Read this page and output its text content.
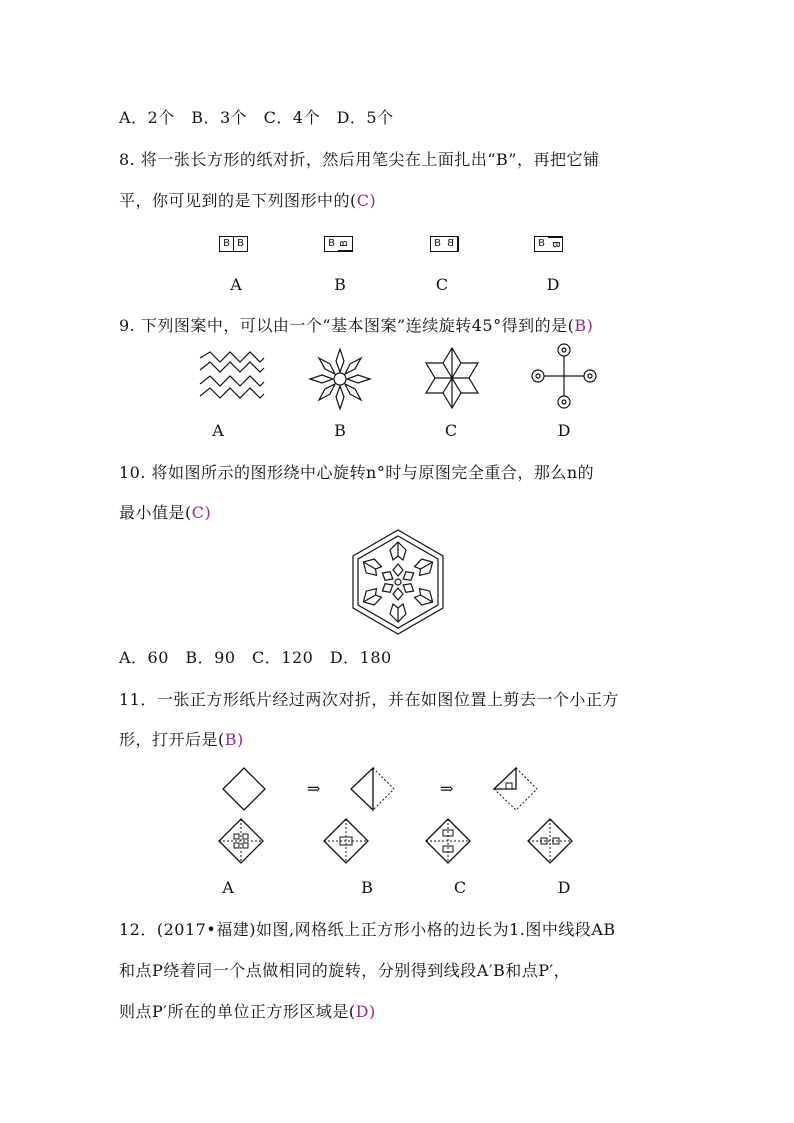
A．2个　B．3个　C．4个　D．5个
8. 将一张长方形的纸对折，然后用笔尖在上面扎出“B”，再把它铺
平，你可见到的是下列图形中的(C)
B B	B B	B B	B B
A	B	C	D
9. 下列图案中，可以由一个“基本图案”连续旋转45°得到的是(B)
A	B	C	D
10. 将如图所示的图形绕中心旋转n°时与原图完全重合，那么n的
最小值是(C)
A．60　B．90　C．120　D．180
11．一张正方形纸片经过两次对折，并在如图位置上剪去一个小正方
形，打开后是(B)
⇒	⇒
A	B	C	D
12．(2017•福建)如图,网格纸上正方形小格的边长为1.图中线段AB
和点P绕着同一个点做相同的旋转，分别得到线段A′B和点P′，
则点P′所在的单位正方形区域是(D)
